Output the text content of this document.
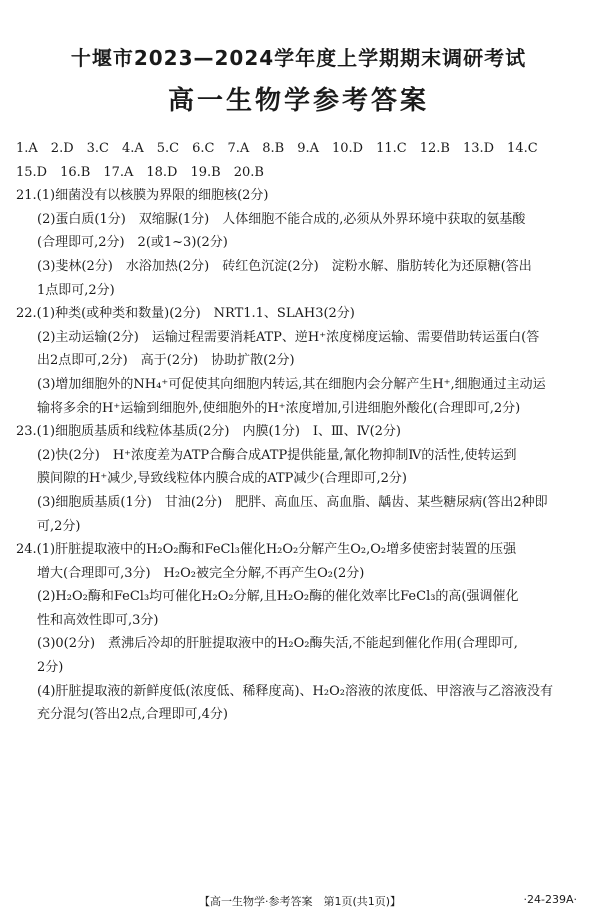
十堰市2023—2024学年度上学期期末调研考试
高一生物学参考答案
1.A　2.D　3.C　4.A　5.C　6.C　7.A　8.B　9.A　10.D　11.C　12.B　13.D　14.C
15.D　16.B　17.A　18.D　19.B　20.B
21.(1)细菌没有以核膜为界限的细胞核(2分)
(2)蛋白质(1分)　双缩脲(1分)　人体细胞不能合成的,必须从外界环境中获取的氨基酸
(合理即可,2分)　2(或1~3)(2分)
(3)斐林(2分)　水浴加热(2分)　砖红色沉淀(2分)　淀粉水解、脂肪转化为还原糖(答出
1点即可,2分)
22.(1)种类(或种类和数量)(2分)　NRT1.1、SLAH3(2分)
(2)主动运输(2分)　运输过程需要消耗ATP、逆H⁺浓度梯度运输、需要借助转运蛋白(答
出2点即可,2分)　高于(2分)　协助扩散(2分)
(3)增加细胞外的NH₄⁺可促使其向细胞内转运,其在细胞内会分解产生H⁺,细胞通过主动运
输将多余的H⁺运输到细胞外,使细胞外的H⁺浓度增加,引进细胞外酸化(合理即可,2分)
23.(1)细胞质基质和线粒体基质(2分)　内膜(1分)　Ⅰ、Ⅲ、Ⅳ(2分)
(2)快(2分)　H⁺浓度差为ATP合酶合成ATP提供能量,氰化物抑制Ⅳ的活性,使转运到
膜间隙的H⁺减少,导致线粒体内膜合成的ATP减少(合理即可,2分)
(3)细胞质基质(1分)　甘油(2分)　肥胖、高血压、高血脂、龋齿、某些糖尿病(答出2种即
可,2分)
24.(1)肝脏提取液中的H₂O₂酶和FeCl₃催化H₂O₂分解产生O₂,O₂增多使密封装置的压强
增大(合理即可,3分)　H₂O₂被完全分解,不再产生O₂(2分)
(2)H₂O₂酶和FeCl₃均可催化H₂O₂分解,且H₂O₂酶的催化效率比FeCl₃的高(强调催化
性和高效性即可,3分)
(3)0(2分)　煮沸后冷却的肝脏提取液中的H₂O₂酶失活,不能起到催化作用(合理即可,
2分)
(4)肝脏提取液的新鲜度低(浓度低、稀释度高)、H₂O₂溶液的浓度低、甲溶液与乙溶液没有
充分混匀(答出2点,合理即可,4分)
【高一生物学·参考答案　第1页(共1页)】	·24-239A·
